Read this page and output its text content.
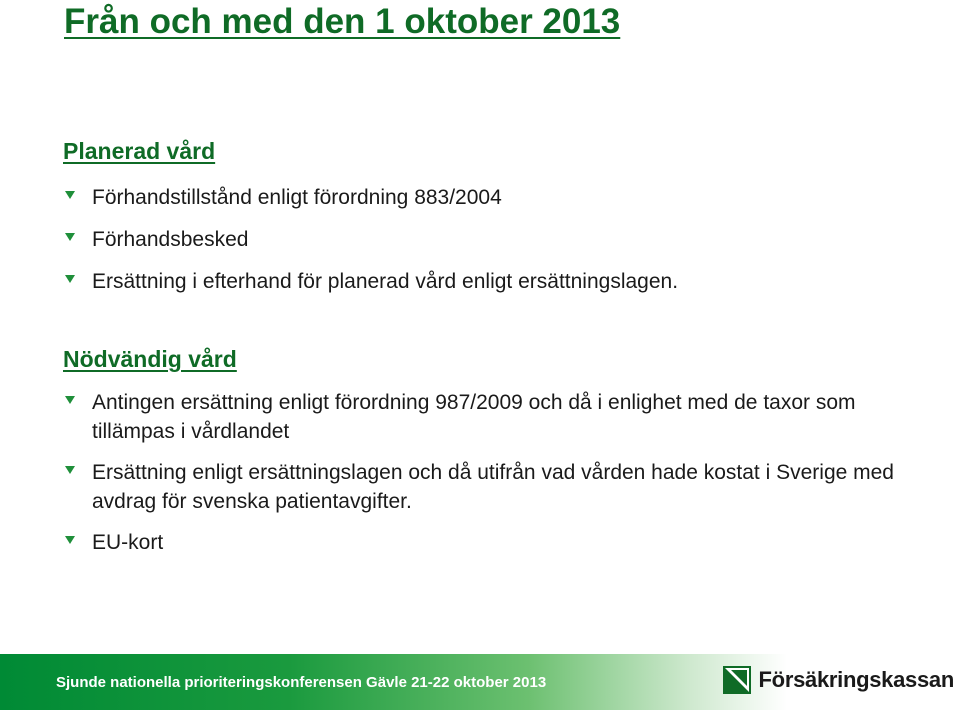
Från och med den 1 oktober 2013
Planerad vård
Förhandstillstånd enligt förordning 883/2004
Förhandsbesked
Ersättning i efterhand för planerad vård enligt ersättningslagen.
Nödvändig vård
Antingen ersättning enligt förordning 987/2009 och då i enlighet med de taxor som tillämpas i vårdlandet
Ersättning enligt ersättningslagen och då utifrån vad vården hade kostat i Sverige med avdrag för svenska patientavgifter.
EU-kort
Sjunde nationella prioriteringskonferensen Gävle 21-22 oktober 2013	Försäkringskassan
